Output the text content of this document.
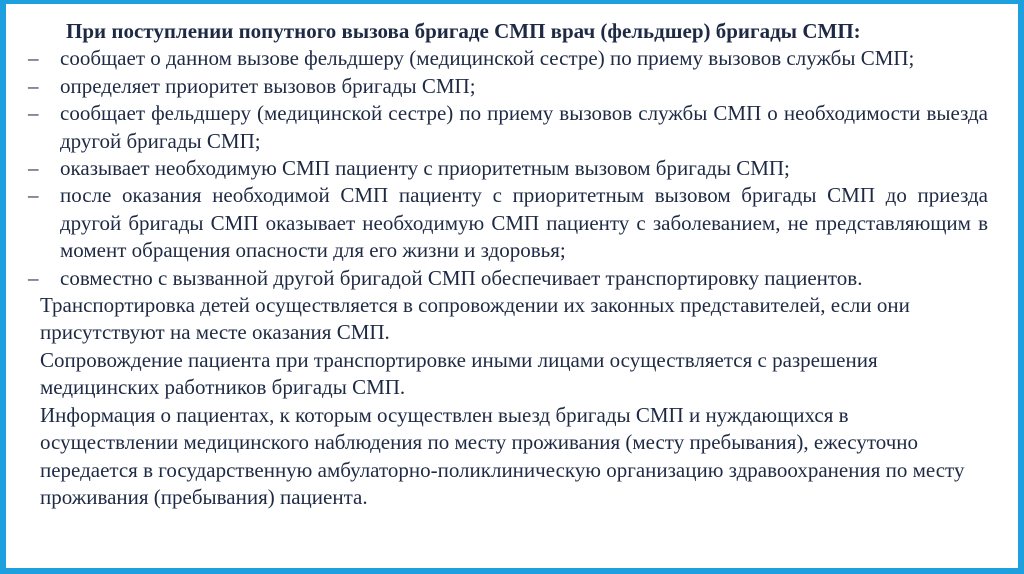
При поступлении попутного вызова бригаде СМП врач (фельдшер) бригады СМП:

– сообщает о данном вызове фельдшеру (медицинской сестре) по приему вызовов службы СМП;
– определяет приоритет вызовов бригады СМП;
– сообщает фельдшеру (медицинской сестре) по приему вызовов службы СМП о необходимости выезда другой бригады СМП;
– оказывает необходимую СМП пациенту с приоритетным вызовом бригады СМП;
– после оказания необходимой СМП пациенту с приоритетным вызовом бригады СМП до приезда другой бригады СМП оказывает необходимую СМП пациенту с заболеванием, не представляющим в момент обращения опасности для его жизни и здоровья;
– совместно с вызванной другой бригадой СМП обеспечивает транспортировку пациентов.

Транспортировка детей осуществляется в сопровождении их законных представителей, если они присутствуют на месте оказания СМП.

Сопровождение пациента при транспортировке иными лицами осуществляется с разрешения медицинских работников бригады СМП.

Информация о пациентах, к которым осуществлен выезд бригады СМП и нуждающихся в осуществлении медицинского наблюдения по месту проживания (месту пребывания), ежесуточно передается в государственную амбулаторно-поликлиническую организацию здравоохранения по месту проживания (пребывания) пациента.
